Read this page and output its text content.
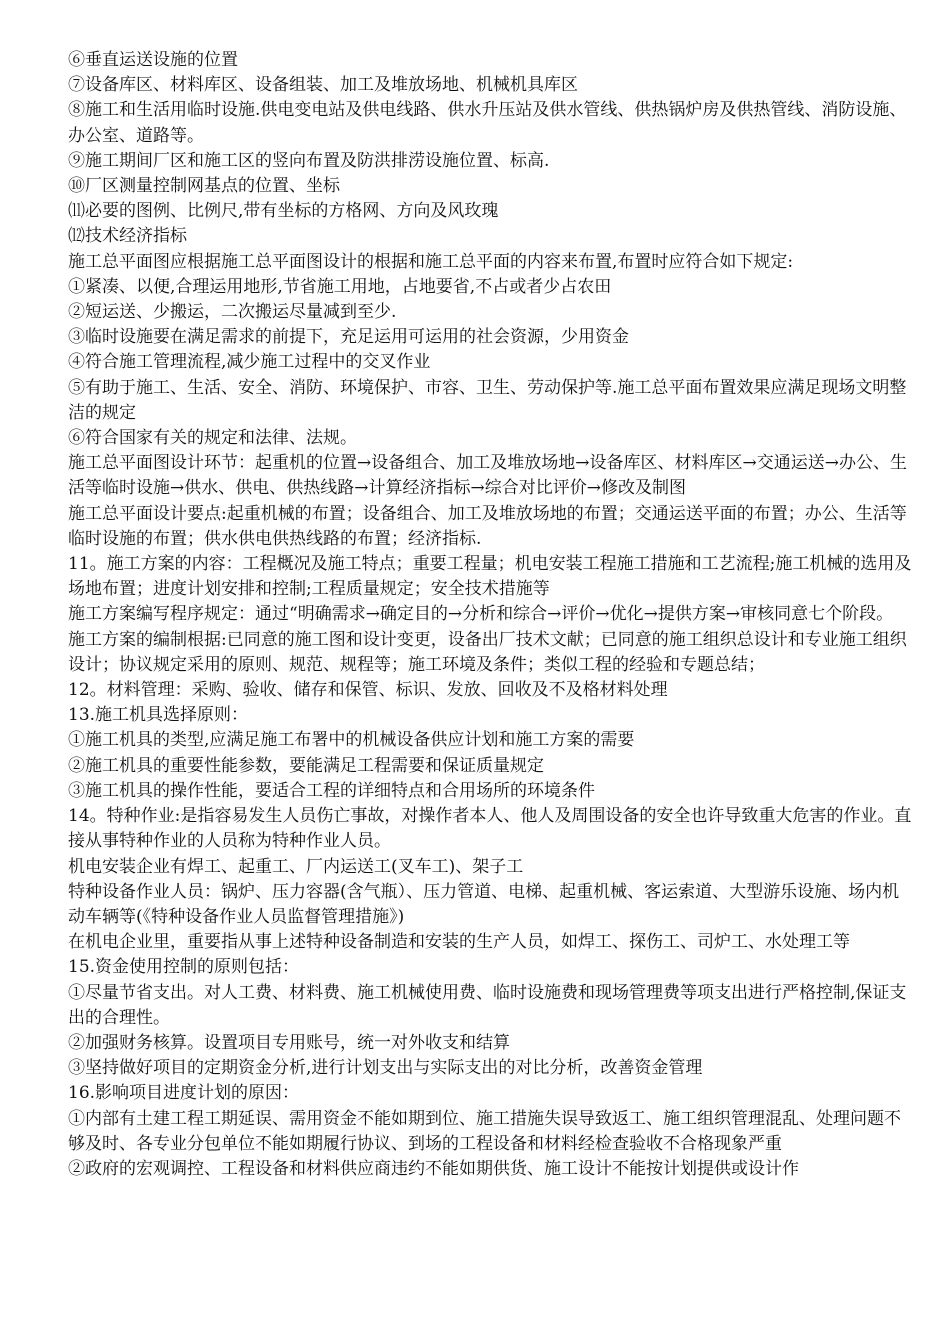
⑥垂直运送设施的位置

⑦设备库区、材料库区、设备组装、加工及堆放场地、机械机具库区

⑧施工和生活用临时设施.供电变电站及供电线路、供水升压站及供水管线、供热锅炉房及供热管线、消防设施、办公室、道路等。

⑨施工期间厂区和施工区的竖向布置及防洪排涝设施位置、标高.

⑩厂区测量控制网基点的位置、坐标

⑾必要的图例、比例尺,带有坐标的方格网、方向及风玫瑰

⑿技术经济指标

施工总平面图应根据施工总平面图设计的根据和施工总平面的内容来布置,布置时应符合如下规定:

①紧凑、以便,合理运用地形,节省施工用地，占地要省,不占或者少占农田

②短运送、少搬运，二次搬运尽量减到至少.

③临时设施要在满足需求的前提下，充足运用可运用的社会资源，少用资金

④符合施工管理流程,减少施工过程中的交叉作业

⑤有助于施工、生活、安全、消防、环境保护、市容、卫生、劳动保护等.施工总平面布置效果应满足现场文明整洁的规定

⑥符合国家有关的规定和法律、法规。

施工总平面图设计环节：起重机的位置→设备组合、加工及堆放场地→设备库区、材料库区→交通运送→办公、生活等临时设施→供水、供电、供热线路→计算经济指标→综合对比评价→修改及制图

施工总平面设计要点:起重机械的布置；设备组合、加工及堆放场地的布置；交通运送平面的布置；办公、生活等临时设施的布置；供水供电供热线路的布置；经济指标.

11。施工方案的内容：工程概况及施工特点；重要工程量；机电安装工程施工措施和工艺流程;施工机械的选用及场地布置；进度计划安排和控制;工程质量规定；安全技术措施等

施工方案编写程序规定：通过“明确需求→确定目的→分析和综合→评价→优化→提供方案→审核同意七个阶段。

施工方案的编制根据:已同意的施工图和设计变更，设备出厂技术文献；已同意的施工组织总设计和专业施工组织设计；协议规定采用的原则、规范、规程等；施工环境及条件；类似工程的经验和专题总结；

12。材料管理：采购、验收、储存和保管、标识、发放、回收及不及格材料处理

13.施工机具选择原则：

①施工机具的类型,应满足施工布署中的机械设备供应计划和施工方案的需要

②施工机具的重要性能参数，要能满足工程需要和保证质量规定

③施工机具的操作性能，要适合工程的详细特点和合用场所的环境条件

14。特种作业:是指容易发生人员伤亡事故，对操作者本人、他人及周围设备的安全也许导致重大危害的作业。直接从事特种作业的人员称为特种作业人员。

机电安装企业有焊工、起重工、厂内运送工(叉车工)、架子工

特种设备作业人员：锅炉、压力容器(含气瓶）、压力管道、电梯、起重机械、客运索道、大型游乐设施、场内机动车辆等(《特种设备作业人员监督管理措施》)

在机电企业里，重要指从事上述特种设备制造和安装的生产人员，如焊工、探伤工、司炉工、水处理工等

15.资金使用控制的原则包括：

①尽量节省支出。对人工费、材料费、施工机械使用费、临时设施费和现场管理费等项支出进行严格控制,保证支出的合理性。

②加强财务核算。设置项目专用账号，统一对外收支和结算

③坚持做好项目的定期资金分析,进行计划支出与实际支出的对比分析，改善资金管理

16.影响项目进度计划的原因：

①内部有土建工程工期延误、需用资金不能如期到位、施工措施失误导致返工、施工组织管理混乱、处理问题不够及时、各专业分包单位不能如期履行协议、到场的工程设备和材料经检查验收不合格现象严重

②政府的宏观调控、工程设备和材料供应商违约不能如期供货、施工设计不能按计划提供或设计作
